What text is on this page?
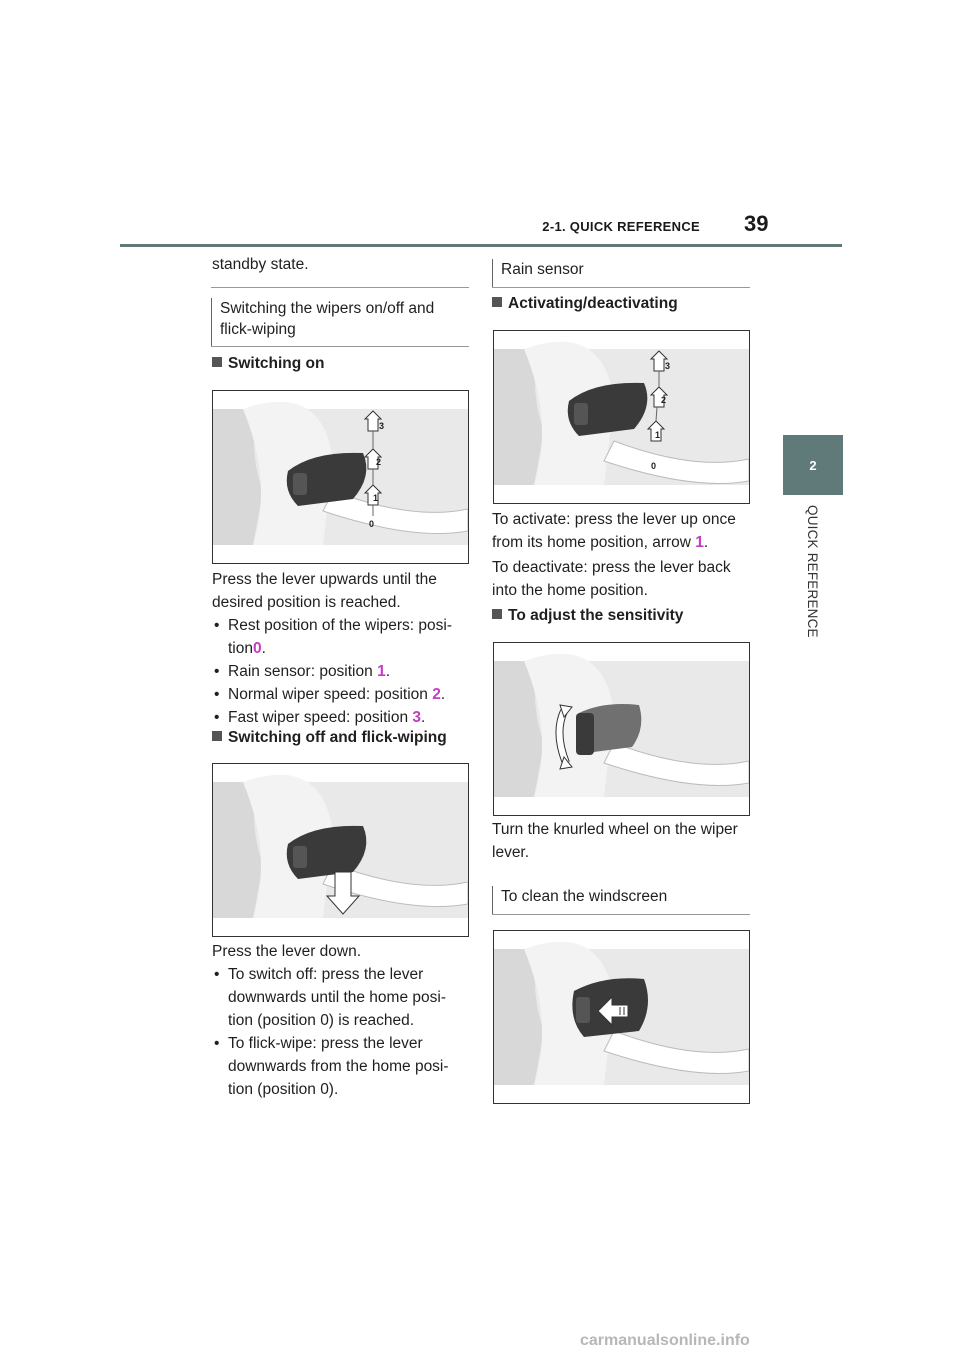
2-1. QUICK REFERENCE 39
2
QUICK REFERENCE
standby state.
Switching the wipers on/off and flick-wiping
Switching on
3
2
1
0
Press the lever upwards until the desired position is reached.
• Rest position of the wipers: posi-tion0.
• Rain sensor: position 1.
• Normal wiper speed: position 2.
• Fast wiper speed: position 3.
Switching off and flick-wiping
Press the lever down.
• To switch off: press the lever downwards until the home posi-tion (position 0) is reached.
• To flick-wipe: press the lever downwards from the home posi-tion (position 0).
Rain sensor
Activating/deactivating
3
2
1
0
To activate: press the lever up once from its home position, arrow 1.
To deactivate: press the lever back into the home position.
To adjust the sensitivity
Turn the knurled wheel on the wiper lever.
To clean the windscreen
carmanualsonline.info
